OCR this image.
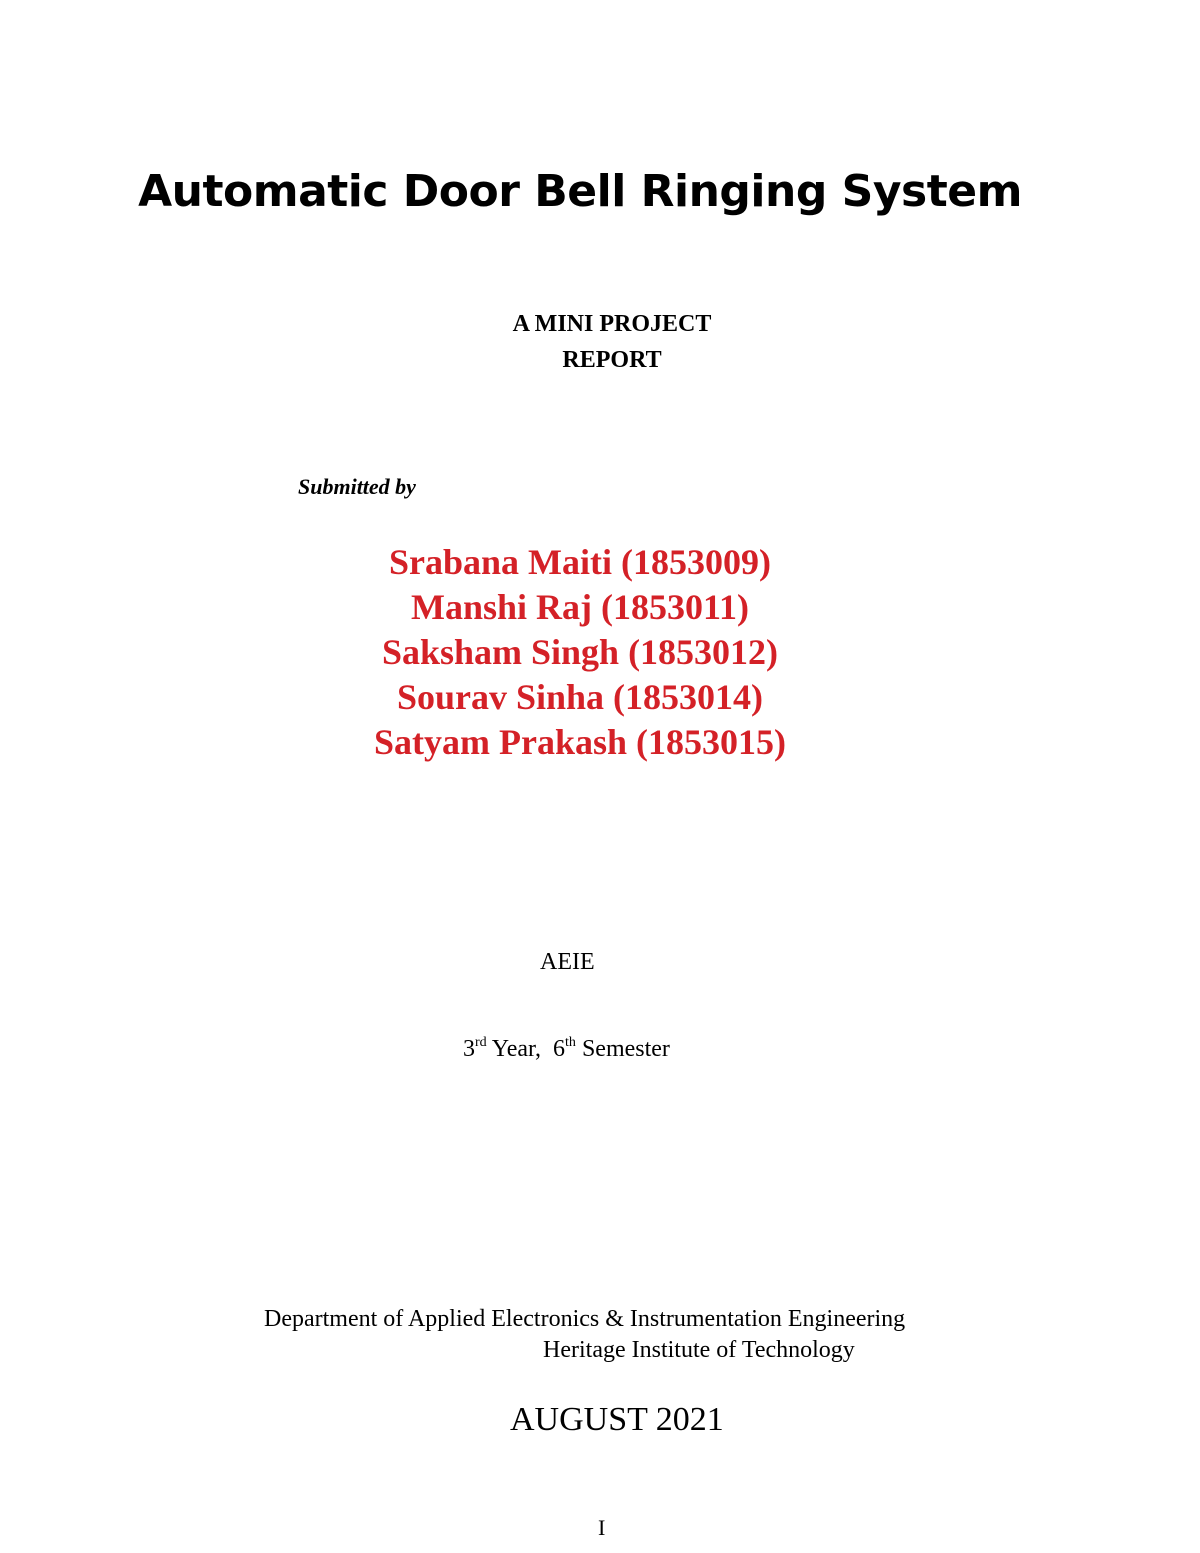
Automatic Door Bell Ringing System
A MINI PROJECT
REPORT
Submitted by
Srabana Maiti (1853009)
Manshi Raj (1853011)
Saksham Singh (1853012)
Sourav Sinha (1853014)
Satyam Prakash (1853015)
AEIE
3rd Year,  6th Semester
Department of Applied Electronics & Instrumentation Engineering
Heritage Institute of Technology
AUGUST 2021
I
